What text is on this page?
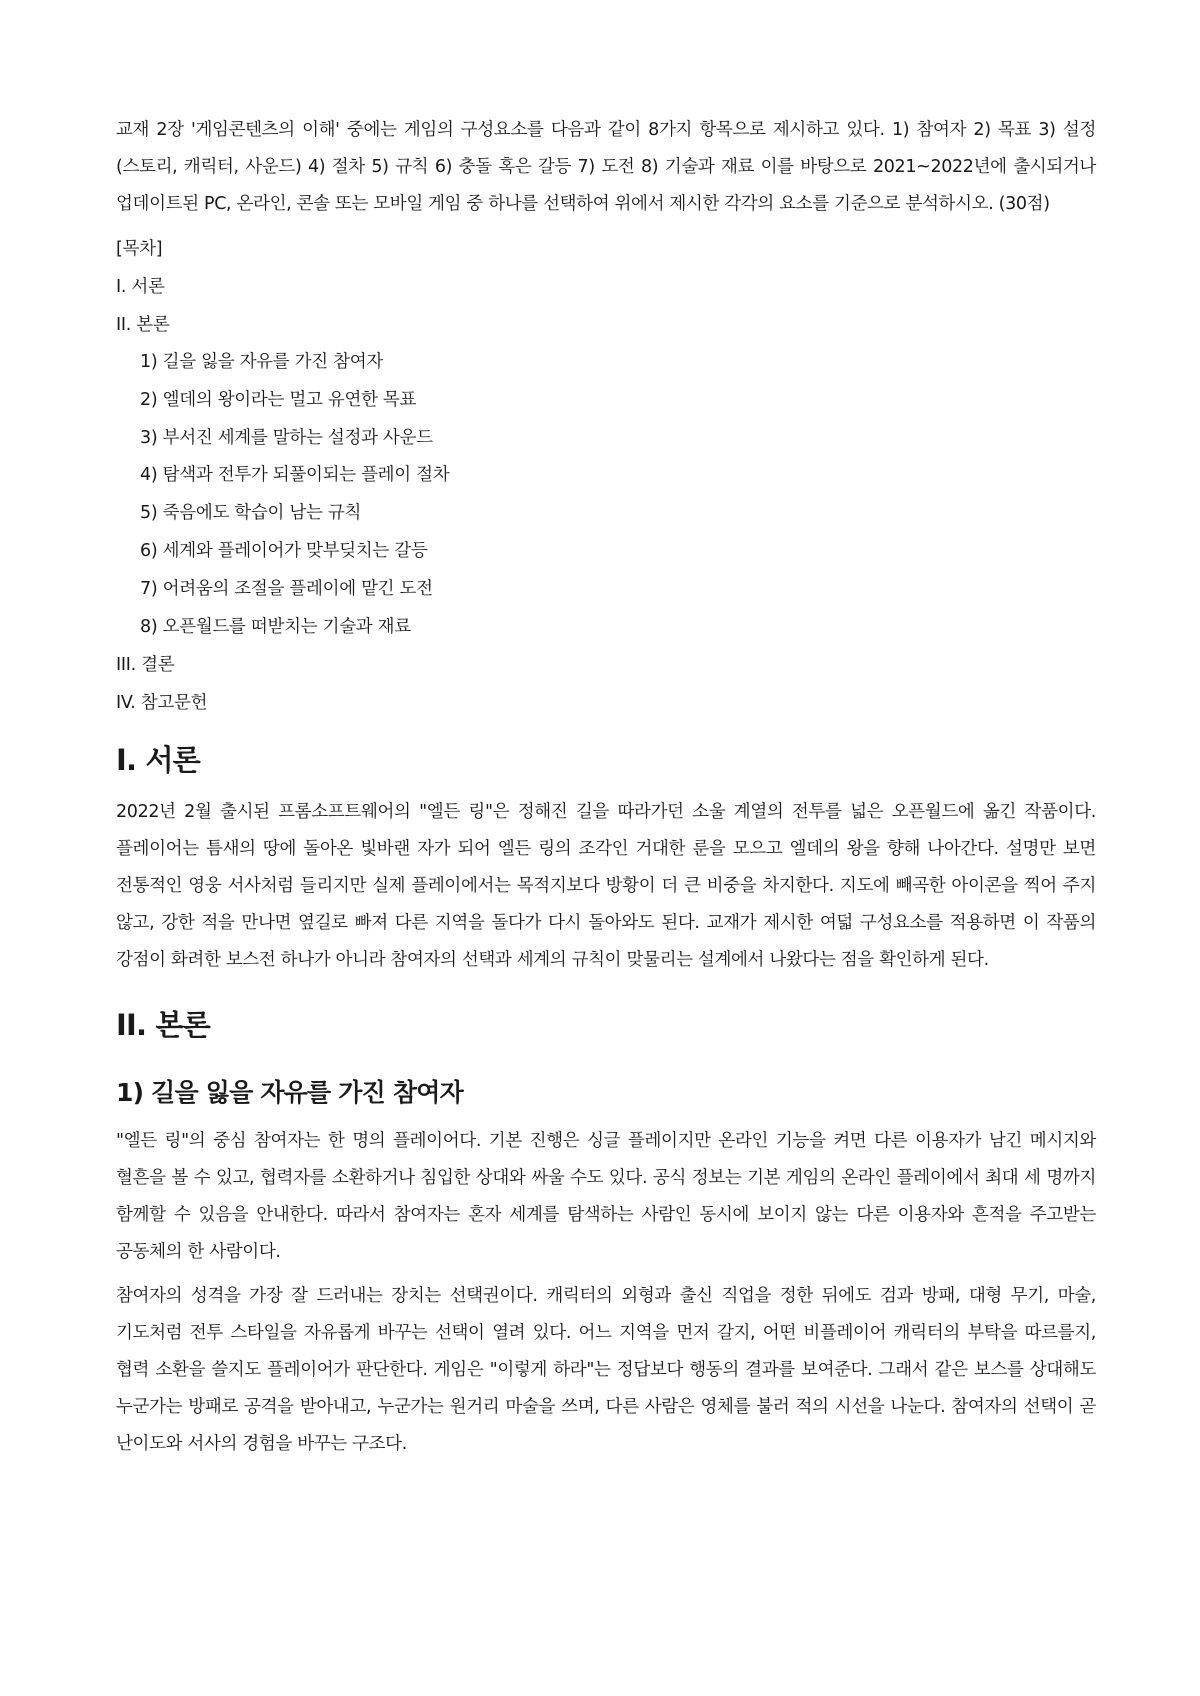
교재 2장 '게임콘텐츠의 이해' 중에는 게임의 구성요소를 다음과 같이 8가지 항목으로 제시하고 있다. 1) 참여자 2) 목표 3) 설정(스토리, 캐릭터, 사운드) 4) 절차 5) 규칙 6) 충돌 혹은 갈등 7) 도전 8) 기술과 재료 이를 바탕으로 2021~2022년에 출시되거나 업데이트된 PC, 온라인, 콘솔 또는 모바일 게임 중 하나를 선택하여 위에서 제시한 각각의 요소를 기준으로 분석하시오. (30점)

[목차]
I. 서론
II. 본론
1) 길을 잃을 자유를 가진 참여자
2) 엘데의 왕이라는 멀고 유연한 목표
3) 부서진 세계를 말하는 설정과 사운드
4) 탐색과 전투가 되풀이되는 플레이 절차
5) 죽음에도 학습이 남는 규칙
6) 세계와 플레이어가 맞부딪치는 갈등
7) 어려움의 조절을 플레이에 맡긴 도전
8) 오픈월드를 떠받치는 기술과 재료
III. 결론
IV. 참고문헌
I. 서론

2022년 2월 출시된 프롬소프트웨어의 "엘든 링"은 정해진 길을 따라가던 소울 계열의 전투를 넓은 오픈월드에 옮긴 작품이다. 플레이어는 틈새의 땅에 돌아온 빛바랜 자가 되어 엘든 링의 조각인 거대한 룬을 모으고 엘데의 왕을 향해 나아간다. 설명만 보면 전통적인 영웅 서사처럼 들리지만 실제 플레이에서는 목적지보다 방황이 더 큰 비중을 차지한다. 지도에 빼곡한 아이콘을 찍어 주지 않고, 강한 적을 만나면 옆길로 빠져 다른 지역을 돌다가 다시 돌아와도 된다. 교재가 제시한 여덟 구성요소를 적용하면 이 작품의 강점이 화려한 보스전 하나가 아니라 참여자의 선택과 세계의 규칙이 맞물리는 설계에서 나왔다는 점을 확인하게 된다.

II. 본론
1) 길을 잃을 자유를 가진 참여자

"엘든 링"의 중심 참여자는 한 명의 플레이어다. 기본 진행은 싱글 플레이지만 온라인 기능을 켜면 다른 이용자가 남긴 메시지와 혈흔을 볼 수 있고, 협력자를 소환하거나 침입한 상대와 싸울 수도 있다. 공식 정보는 기본 게임의 온라인 플레이에서 최대 세 명까지 함께할 수 있음을 안내한다. 따라서 참여자는 혼자 세계를 탐색하는 사람인 동시에 보이지 않는 다른 이용자와 흔적을 주고받는 공동체의 한 사람이다.

참여자의 성격을 가장 잘 드러내는 장치는 선택권이다. 캐릭터의 외형과 출신 직업을 정한 뒤에도 검과 방패, 대형 무기, 마술, 기도처럼 전투 스타일을 자유롭게 바꾸는 선택이 열려 있다. 어느 지역을 먼저 갈지, 어떤 비플레이어 캐릭터의 부탁을 따르를지, 협력 소환을 쓸지도 플레이어가 판단한다. 게임은 "이렇게 하라"는 정답보다 행동의 결과를 보여준다. 그래서 같은 보스를 상대해도 누군가는 방패로 공격을 받아내고, 누군가는 원거리 마술을 쓰며, 다른 사람은 영체를 불러 적의 시선을 나눈다. 참여자의 선택이 곧 난이도와 서사의 경험을 바꾸는 구조다.
